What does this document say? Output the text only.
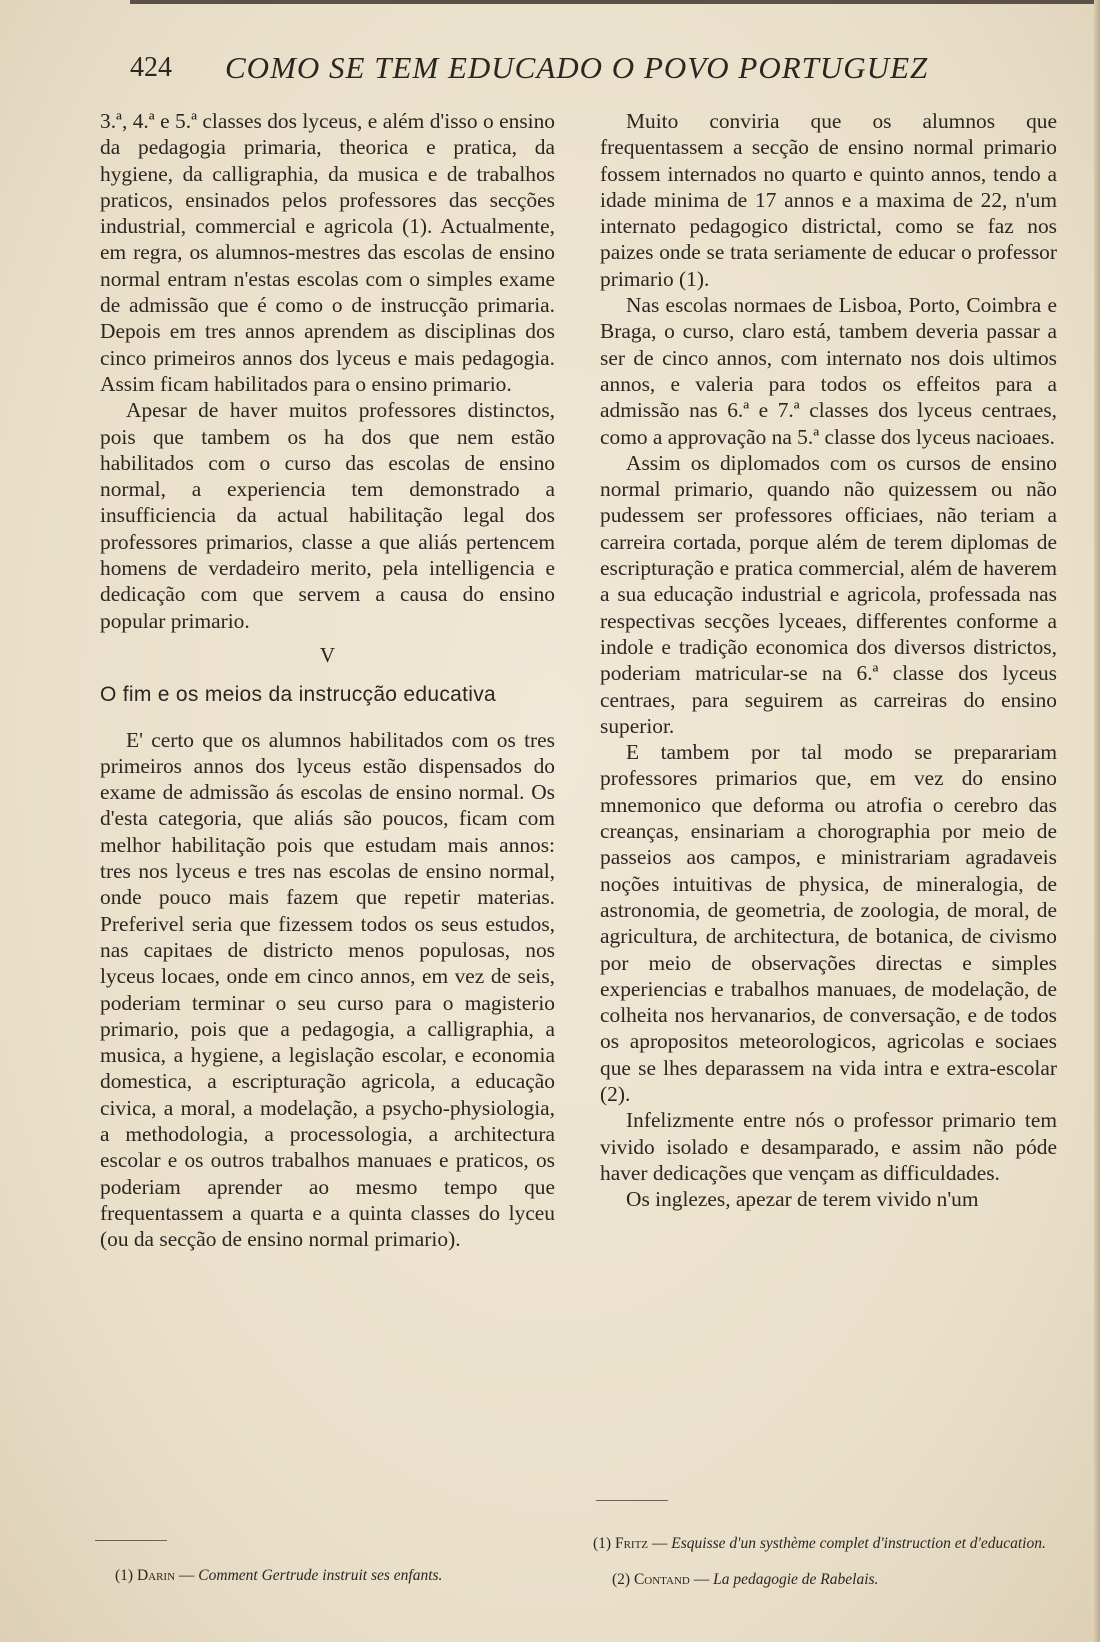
424 COMO SE TEM EDUCADO O POVO PORTUGUEZ

3.ª, 4.ª e 5.ª classes dos lyceus, e além d'isso o ensino da pedagogia primaria, theorica e pratica, da hygiene, da calligraphia, da musica e de trabalhos praticos, ensinados pelos professores das secções industrial, commercial e agricola (1). Actualmente, em regra, os alumnos-mestres das escolas de ensino normal entram n'estas escolas com o simples exame de admissão que é como o de instrucção primaria. Depois em tres annos aprendem as disciplinas dos cinco primeiros annos dos lyceus e mais pedagogia. Assim ficam habilitados para o ensino primario.

Apesar de haver muitos professores distinctos, pois que tambem os ha dos que nem estão habilitados com o curso das escolas de ensino normal, a experiencia tem demonstrado a insufficiencia da actual habilitação legal dos professores primarios, classe a que aliás pertencem homens de verdadeiro merito, pela intelligencia e dedicação com que servem a causa do ensino popular primario.

V
O fim e os meios da instrucção educativa

E' certo que os alumnos habilitados com os tres primeiros annos dos lyceus estão dispensados do exame de admissão ás escolas de ensino normal. Os d'esta categoria, que aliás são poucos, ficam com melhor habilitação pois que estudam mais annos: tres nos lyceus e tres nas escolas de ensino normal, onde pouco mais fazem que repetir materias. Preferivel seria que fizessem todos os seus estudos, nas capitaes de districto menos populosas, nos lyceus locaes, onde em cinco annos, em vez de seis, poderiam terminar o seu curso para o magisterio primario, pois que a pedagogia, a calligraphia, a musica, a hygiene, a legislação escolar, e economia domestica, a escripturação agricola, a educação civica, a moral, a modelação, a psycho-physiologia, a methodologia, a processologia, a architectura escolar e os outros trabalhos manuaes e praticos, os poderiam aprender ao mesmo tempo que frequentassem a quarta e a quinta classes do lyceu (ou da secção de ensino normal primario).

Muito conviria que os alumnos que frequentassem a secção de ensino normal primario fossem internados no quarto e quinto annos, tendo a idade minima de 17 annos e a maxima de 22, n'um internato pedagogico districtal, como se faz nos paizes onde se trata seriamente de educar o professor primario (1).

Nas escolas normaes de Lisboa, Porto, Coimbra e Braga, o curso, claro está, tambem deveria passar a ser de cinco annos, com internato nos dois ultimos annos, e valeria para todos os effeitos para a admissão nas 6.ª e 7.ª classes dos lyceus centraes, como a approvação na 5.ª classe dos lyceus nacioaes.

Assim os diplomados com os cursos de ensino normal primario, quando não quizessem ou não pudessem ser professores officiaes, não teriam a carreira cortada, porque além de terem diplomas de escripturação e pratica commercial, além de haverem a sua educação industrial e agricola, professada nas respectivas secções lyceaes, differentes conforme a indole e tradição economica dos diversos districtos, poderiam matricular-se na 6.ª classe dos lyceus centraes, para seguirem as carreiras do ensino superior.

E tambem por tal modo se preparariam professores primarios que, em vez do ensino mnemonico que deforma ou atrofia o cerebro das creanças, ensinariam a chorographia por meio de passeios aos campos, e ministrariam agradaveis noções intuitivas de physica, de mineralogia, de astronomia, de geometria, de zoologia, de moral, de agricultura, de architectura, de botanica, de civismo por meio de observações directas e simples experiencias e trabalhos manuaes, de modelação, de colheita nos hervanarios, de conversação, e de todos os apropositos meteorologicos, agricolas e sociaes que se lhes deparassem na vida intra e extra-escolar (2).

Infelizmente entre nós o professor primario tem vivido isolado e desamparado, e assim não póde haver dedicações que vençam as difficuldades.

Os inglezes, apezar de terem vivido n'um

(1) Darin — Comment Gertrude instruit ses enfants.
(1) Fritz — Esquisse d'un systhème complet d'instruction et d'education.
(2) Contand — La pedagogie de Rabelais.
